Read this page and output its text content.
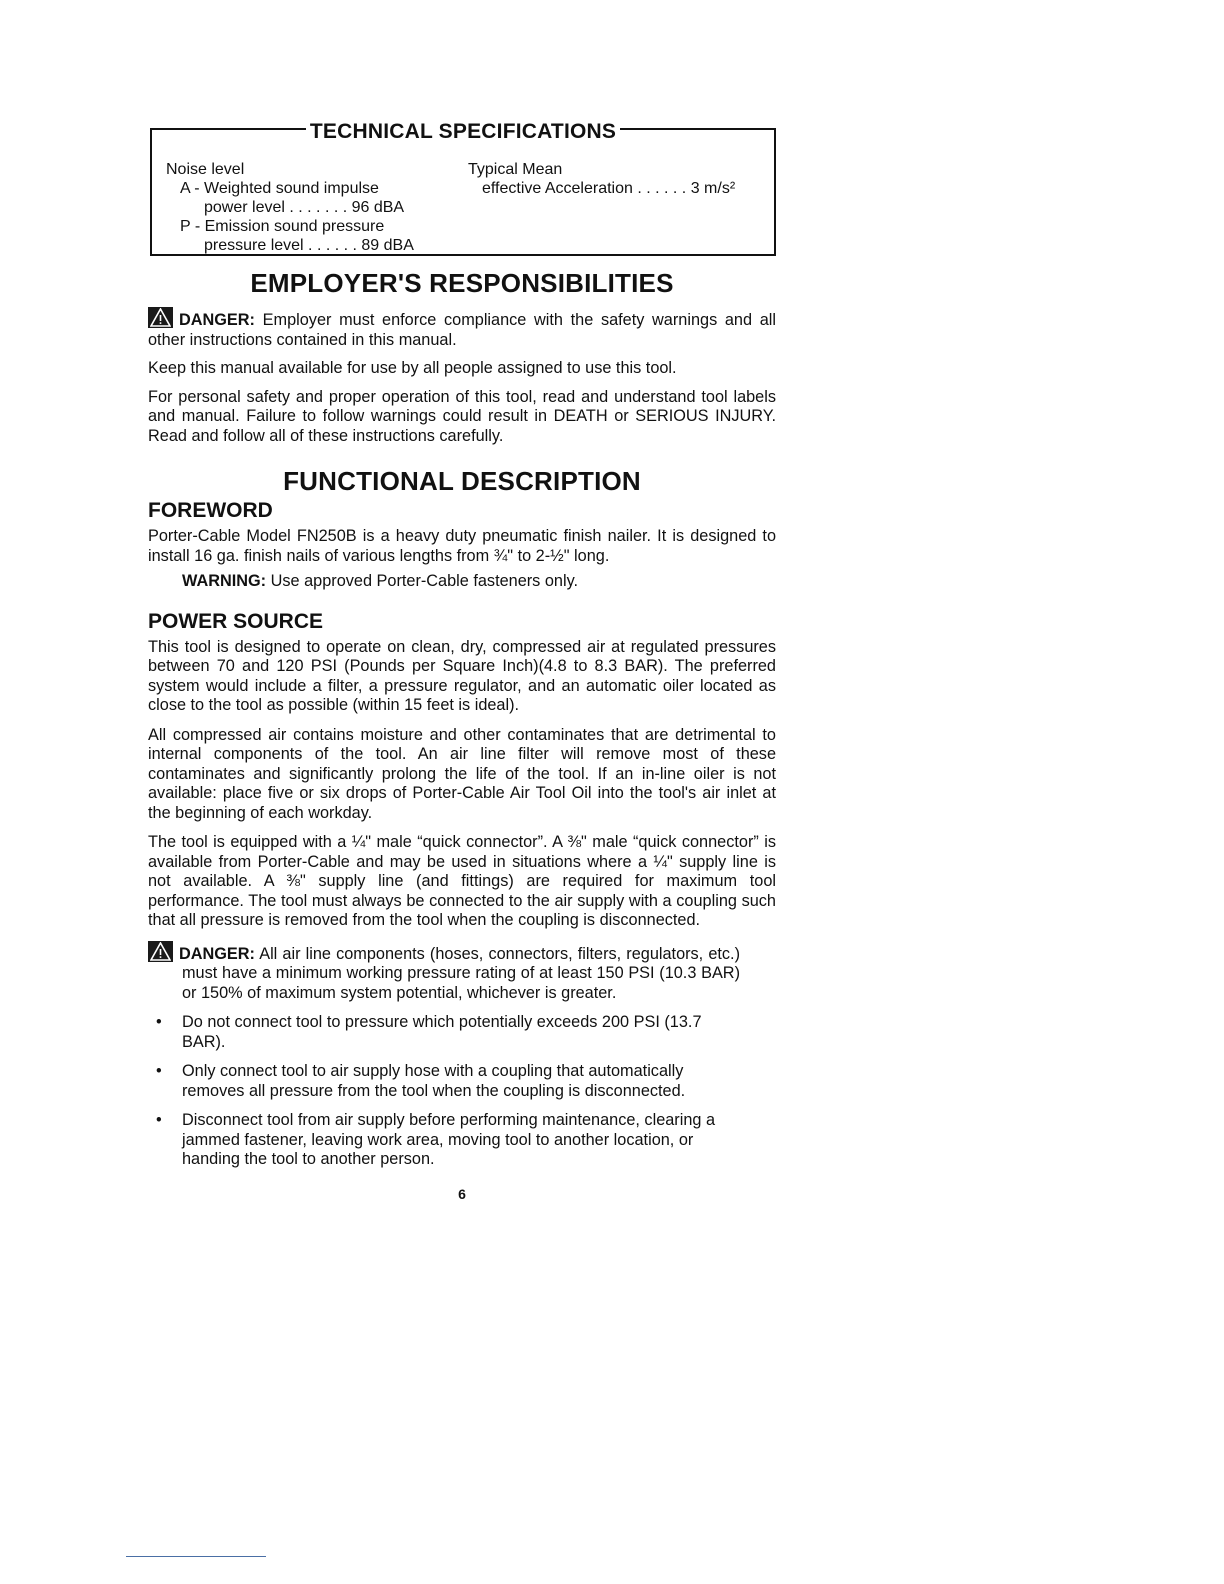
TECHNICAL SPECIFICATIONS
Noise level
A - Weighted sound impulse
power level . . . . . . . 96 dBA
P - Emission sound pressure
pressure level . . . . . . 89 dBA
Typical Mean
effective Acceleration . . . . . . 3 m/s²
EMPLOYER'S RESPONSIBILITIES

DANGER: Employer must enforce compliance with the safety warnings and all other instructions contained in this manual.

Keep this manual available for use by all people assigned to use this tool.

For personal safety and proper operation of this tool, read and understand tool labels and manual. Failure to follow warnings could result in DEATH or SERIOUS INJURY. Read and follow all of these instructions carefully.

FUNCTIONAL DESCRIPTION
FOREWORD

Porter-Cable Model FN250B is a heavy duty pneumatic finish nailer. It is designed to install 16 ga. finish nails of various lengths from ¾" to 2-½" long.

WARNING: Use approved Porter-Cable fasteners only.

POWER SOURCE

This tool is designed to operate on clean, dry, compressed air at regulated pressures between 70 and 120 PSI (Pounds per Square Inch)(4.8 to 8.3 BAR). The preferred system would include a filter, a pressure regulator, and an automatic oiler located as close to the tool as possible (within 15 feet is ideal).

All compressed air contains moisture and other contaminates that are detrimental to internal components of the tool. An air line filter will remove most of these contaminates and significantly prolong the life of the tool. If an in-line oiler is not available: place five or six drops of Porter-Cable Air Tool Oil into the tool's air inlet at the beginning of each workday.

The tool is equipped with a ¼" male “quick connector”. A ⅜" male “quick connector” is available from Porter-Cable and may be used in situations where a ¼" supply line is not available. A ⅜" supply line (and fittings) are required for maximum tool performance. The tool must always be connected to the air supply with a coupling such that all pressure is removed from the tool when the coupling is disconnected.

DANGER: All air line components (hoses, connectors, filters, regulators, etc.) must have a minimum working pressure rating of at least 150 PSI (10.3 BAR) or 150% of maximum system potential, whichever is greater.

• Do not connect tool to pressure which potentially exceeds 200 PSI (13.7 BAR).
• Only connect tool to air supply hose with a coupling that automatically removes all pressure from the tool when the coupling is disconnected.
• Disconnect tool from air supply before performing maintenance, clearing a jammed fastener, leaving work area, moving tool to another location, or handing the tool to another person.
6
